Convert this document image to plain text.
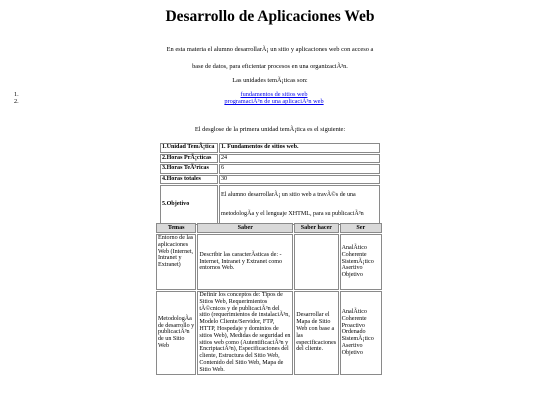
Desarrollo de Aplicaciones Web
En esta materia el alumno desarrollarÃ¡ un sitio y aplicaciones web con acceso a
base de datos, para eficientar procesos en una organizaciÃ³n.
Las unidades temÃ¡ticas son:
1.	fundamentos de sitios web
2.	programaciÃ³n de una aplicaciÃ³n web
El desglose de la primera unidad temÃ¡tica es el siguiente:
1.Unidad TemÃ¡tica	1. Fundamentos de sitios web.
2.Horas PrÃ¡cticas	24
3.Horas TeÃ³ricas	6
4.Horas totales	30
5.Objetivo	El alumno desarrollarÃ¡ un sitio web a travÃ©s de una
metodologÃa y el lenguaje XHTML, para su publicaciÃ³n
Temas	Saber	Saber hacer	Ser
Entorno de las aplicaciones Web (Internet, Intranet y Extranet)	Describir las caracterÃsticas de: -Internet, Intranet y Extranet como entornos Web.		AnalÃtico Coherente SistemÃ¡tico Asertivo Objetivo
MetodologÃa de desarrollo y publicaciÃ³n de un Sitio Web	Definir los conceptos de: Tipos de Sitios Web, Requerimientos tÃ©cnicos y de publicaciÃ³n del sitio (requerimientos de instalaciÃ³n, Modelo Cliente/Servidor, FTP, HTTP, Hospedaje y dominios de sitios Web), Medidas de seguridad en sitios web como (AutentificaciÃ³n y EncriptaciÃ³n), Especificaciones del cliente, Estructura del Sitio Web, Contenido del Sitio Web, Mapa de Sitio Web.	Desarrollar el Mapa de Sitio Web con base a las especificaciones del cliente.	AnalÃtico Coherente Proactivo Ordenado SistemÃ¡tico Asertivo Objetivo
